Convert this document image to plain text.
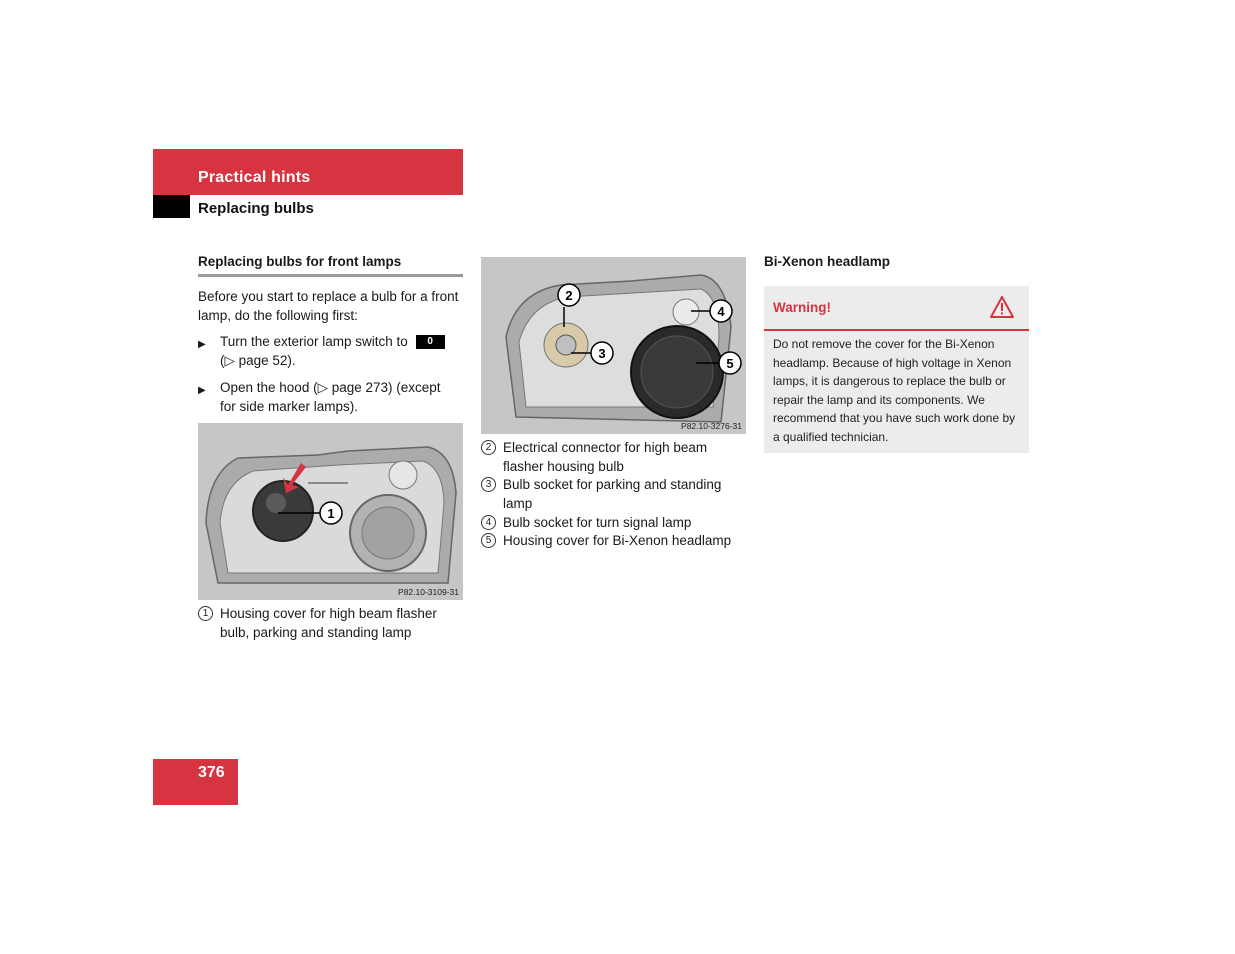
Practical hints
Replacing bulbs
Replacing bulbs for front lamps
Before you start to replace a bulb for a front lamp, do the following first:
▶ Turn the exterior lamp switch to 0
(▷ page 52).
▶ Open the hood (▷ page 273) (except for side marker lamps).
1
P82.10-3109-31
1 Housing cover for high beam flasher bulb, parking and standing lamp
2
3
4
5
P82.10-3276-31
2 Electrical connector for high beam flasher housing bulb
3 Bulb socket for parking and standing lamp
4 Bulb socket for turn signal lamp
5 Housing cover for Bi-Xenon headlamp
Bi-Xenon headlamp
Warning!
Do not remove the cover for the Bi-Xenon headlamp. Because of high voltage in Xenon lamps, it is dangerous to replace the bulb or repair the lamp and its components. We recommend that you have such work done by a qualified technician.
376
